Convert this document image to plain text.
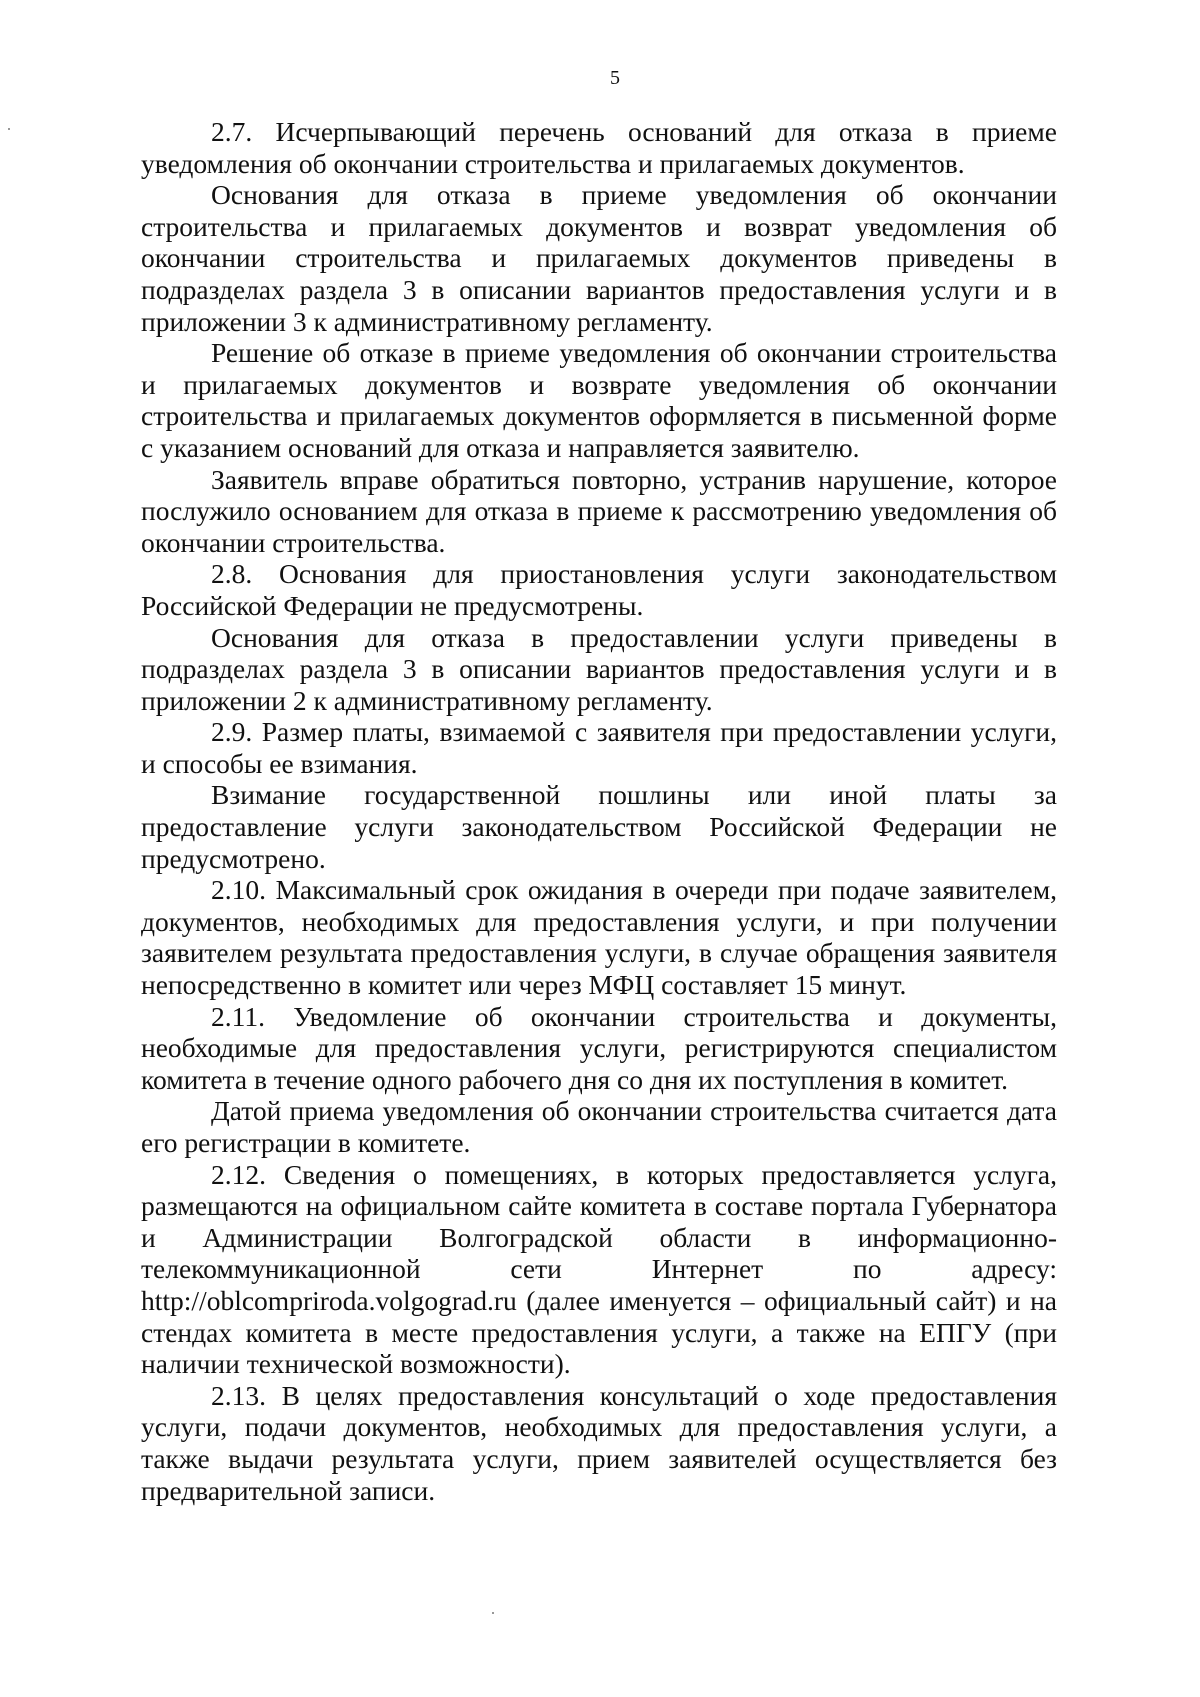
5

2.7. Исчерпывающий перечень оснований для отказа в приеме уведомления об окончании строительства и прилагаемых документов.

Основания для отказа в приеме уведомления об окончании строительства и прилагаемых документов и возврат уведомления об окончании строительства и прилагаемых документов приведены в подразделах раздела 3 в описании вариантов предоставления услуги и в приложении 3 к административному регламенту.

Решение об отказе в приеме уведомления об окончании строительства и прилагаемых документов и возврате уведомления об окончании строительства и прилагаемых документов оформляется в письменной форме с указанием оснований для отказа и направляется заявителю.

Заявитель вправе обратиться повторно, устранив нарушение, которое послужило основанием для отказа в приеме к рассмотрению уведомления об окончании строительства.

2.8. Основания для приостановления услуги законодательством Российской Федерации не предусмотрены.

Основания для отказа в предоставлении услуги приведены в подразделах раздела 3 в описании вариантов предоставления услуги и в приложении 2 к административному регламенту.

2.9. Размер платы, взимаемой с заявителя при предоставлении услуги, и способы ее взимания.

Взимание государственной пошлины или иной платы за предоставление услуги законодательством Российской Федерации не предусмотрено.

2.10. Максимальный срок ожидания в очереди при подаче заявителем, документов, необходимых для предоставления услуги, и при получении заявителем результата предоставления услуги, в случае обращения заявителя непосредственно в комитет или через МФЦ составляет 15 минут.

2.11. Уведомление об окончании строительства и документы, необходимые для предоставления услуги, регистрируются специалистом комитета в течение одного рабочего дня со дня их поступления в комитет.

Датой приема уведомления об окончании строительства считается дата его регистрации в комитете.

2.12. Сведения о помещениях, в которых предоставляется услуга, размещаются на официальном сайте комитета в составе портала Губернатора и Администрации Волгоградской области в информационно-телекоммуникационной сети Интернет по адресу: http://oblcompriroda.volgograd.ru (далее именуется – официальный сайт) и на стендах комитета в месте предоставления услуги, а также на ЕПГУ (при наличии технической возможности).

2.13. В целях предоставления консультаций о ходе предоставления услуги, подачи документов, необходимых для предоставления услуги, а также выдачи результата услуги, прием заявителей осуществляется без предварительной записи.
